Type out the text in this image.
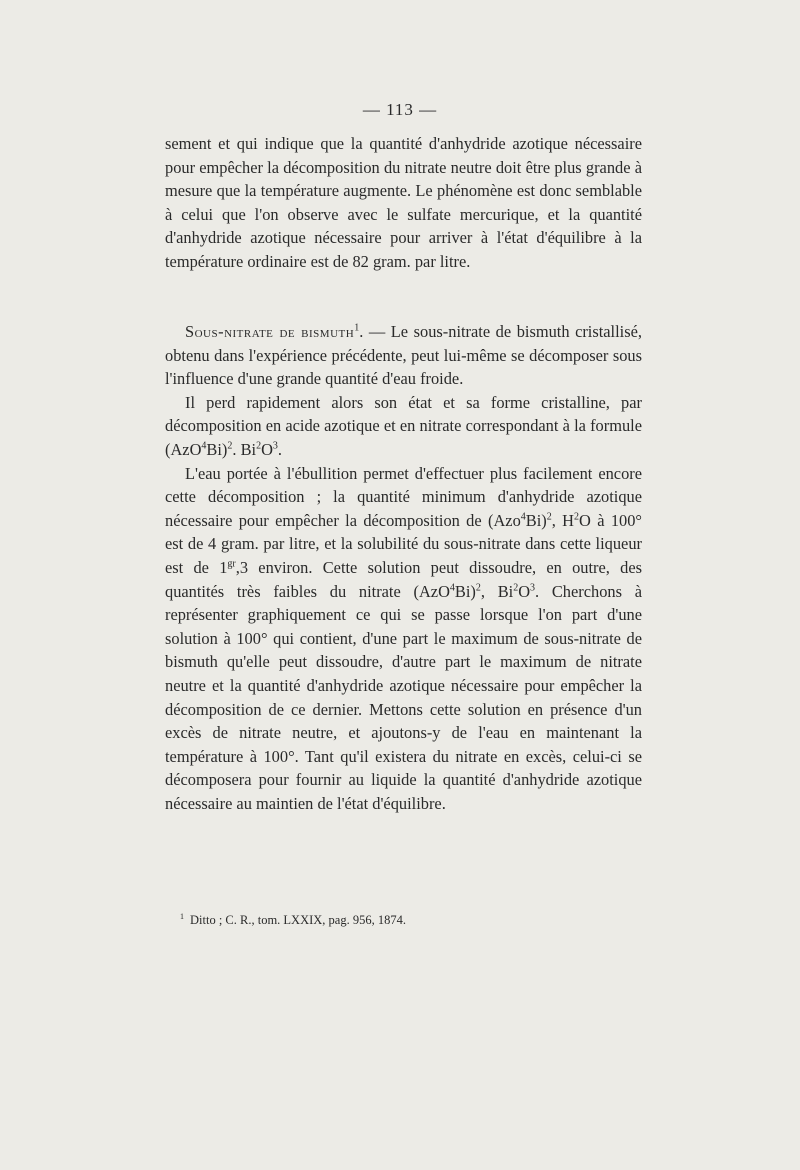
— 113 —

sement et qui indique que la quantité d'anhydride azotique nécessaire pour empêcher la décomposition du nitrate neutre doit être plus grande à mesure que la température augmente. Le phénomène est donc semblable à celui que l'on observe avec le sulfate mercurique, et la quantité d'anhydride azotique nécessaire pour arriver à l'état d'équilibre à la température ordinaire est de 82 gram. par litre.

Sous-nitrate de bismuth$^1$. — Le sous-nitrate de bismuth cristallisé, obtenu dans l'expérience précédente, peut lui-même se décomposer sous l'influence d'une grande quantité d'eau froide.

Il perd rapidement alors son état et sa forme cristalline, par décomposition en acide azotique et en nitrate correspondant à la formule $(AzO^4Bi)^2$. $Bi^2O^3$.

L'eau portée à l'ébullition permet d'effectuer plus facilement encore cette décomposition ; la quantité minimum d'anhydride azotique nécessaire pour empêcher la décomposition de $(Azo^4Bi)^2$, $H^2O$ à 100° est de 4 gram. par litre, et la solubilité du sous-nitrate dans cette liqueur est de $1^{gr},3$ environ. Cette solution peut dissoudre, en outre, des quantités très faibles du nitrate $(AzO^4Bi)^2$, $Bi^2O^3$. Cherchons à représenter graphiquement ce qui se passe lorsque l'on part d'une solution à 100° qui contient, d'une part le maximum de sous-nitrate de bismuth qu'elle peut dissoudre, d'autre part le maximum de nitrate neutre et la quantité d'anhydride azotique nécessaire pour empêcher la décomposition de ce dernier. Mettons cette solution en présence d'un excès de nitrate neutre, et ajoutons-y de l'eau en maintenant la température à 100°. Tant qu'il existera du nitrate en excès, celui-ci se décomposera pour fournir au liquide la quantité d'anhydride azotique nécessaire au maintien de l'état d'équilibre.

$^1$ Ditto ; C. R., tom. LXXIX, pag. 956, 1874.
